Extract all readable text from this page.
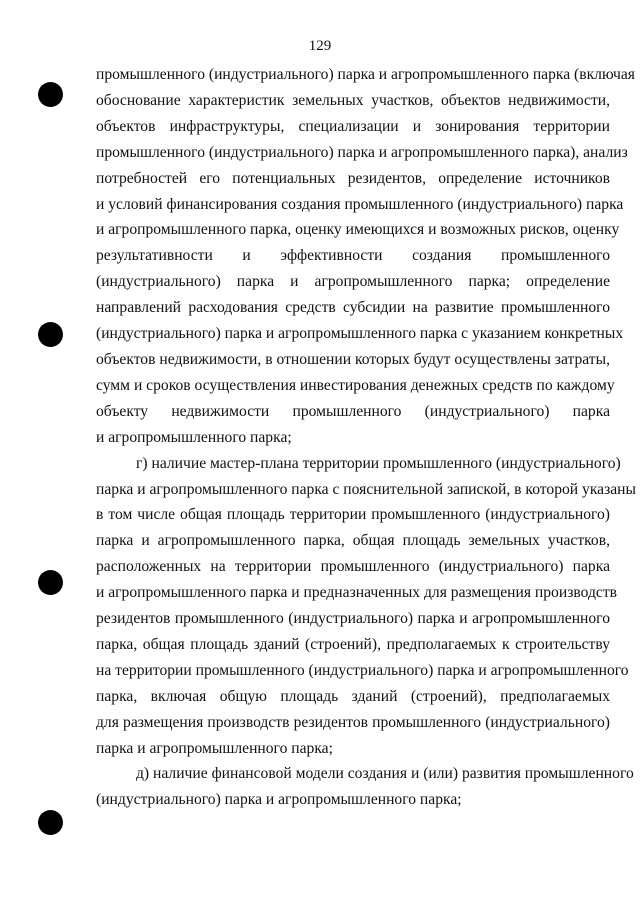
129

промышленного (индустриального) парка и агропромышленного парка (включая
обоснование характеристик земельных участков, объектов недвижимости,
объектов инфраструктуры, специализации и зонирования территории
промышленного (индустриального) парка и агропромышленного парка), анализ
потребностей его потенциальных резидентов, определение источников
и условий финансирования создания промышленного (индустриального) парка
и агропромышленного парка, оценку имеющихся и возможных рисков, оценку
результативности и эффективности создания промышленного
(индустриального) парка и агропромышленного парка; определение
направлений расходования средств субсидии на развитие промышленного
(индустриального) парка и агропромышленного парка с указанием конкретных
объектов недвижимости, в отношении которых будут осуществлены затраты,
сумм и сроков осуществления инвестирования денежных средств по каждому
объекту недвижимости промышленного (индустриального) парка
и агропромышленного парка;

г) наличие мастер-плана территории промышленного (индустриального)
парка и агропромышленного парка с пояснительной запиской, в которой указаны
в том числе общая площадь территории промышленного (индустриального)
парка и агропромышленного парка, общая площадь земельных участков,
расположенных на территории промышленного (индустриального) парка
и агропромышленного парка и предназначенных для размещения производств
резидентов промышленного (индустриального) парка и агропромышленного
парка, общая площадь зданий (строений), предполагаемых к строительству
на территории промышленного (индустриального) парка и агропромышленного
парка, включая общую площадь зданий (строений), предполагаемых
для размещения производств резидентов промышленного (индустриального)
парка и агропромышленного парка;

д) наличие финансовой модели создания и (или) развития промышленного
(индустриального) парка и агропромышленного парка;
